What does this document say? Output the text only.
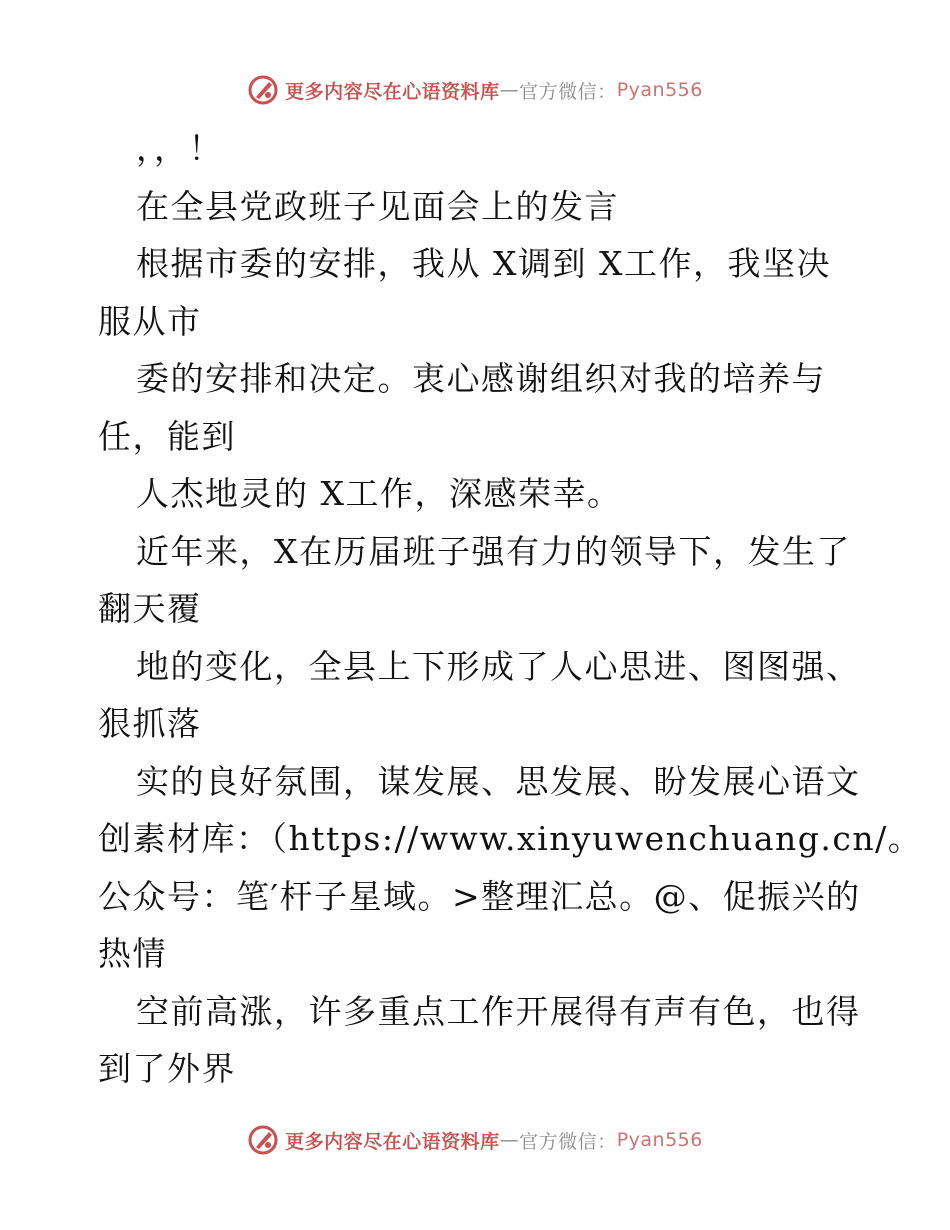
更多内容尽在心语资料库 — 官方微信： Pyan556
，，！
在全县党政班子见面会上的发言
根据市委的安排，我从 X调到 X工作，我坚决
服从市
委的安排和决定。衷心感谢组织对我的培养与
任，能到
人杰地灵的 X工作，深感荣幸。
近年来，X在历届班子强有力的领导下，发生了
翻天覆
地的变化，全县上下形成了人心思进、图图强、
狠抓落
实的良好氛围，谋发展、思发展、盼发展心语文
创素材库：（https://www.xinyuwenchuang.cn/。
公众号：笔′杆子星域。>整理汇总。@、促振兴的
热情
空前高涨，许多重点工作开展得有声有色，也得
到了外界
更多内容尽在心语资料库 — 官方微信： Pyan556
